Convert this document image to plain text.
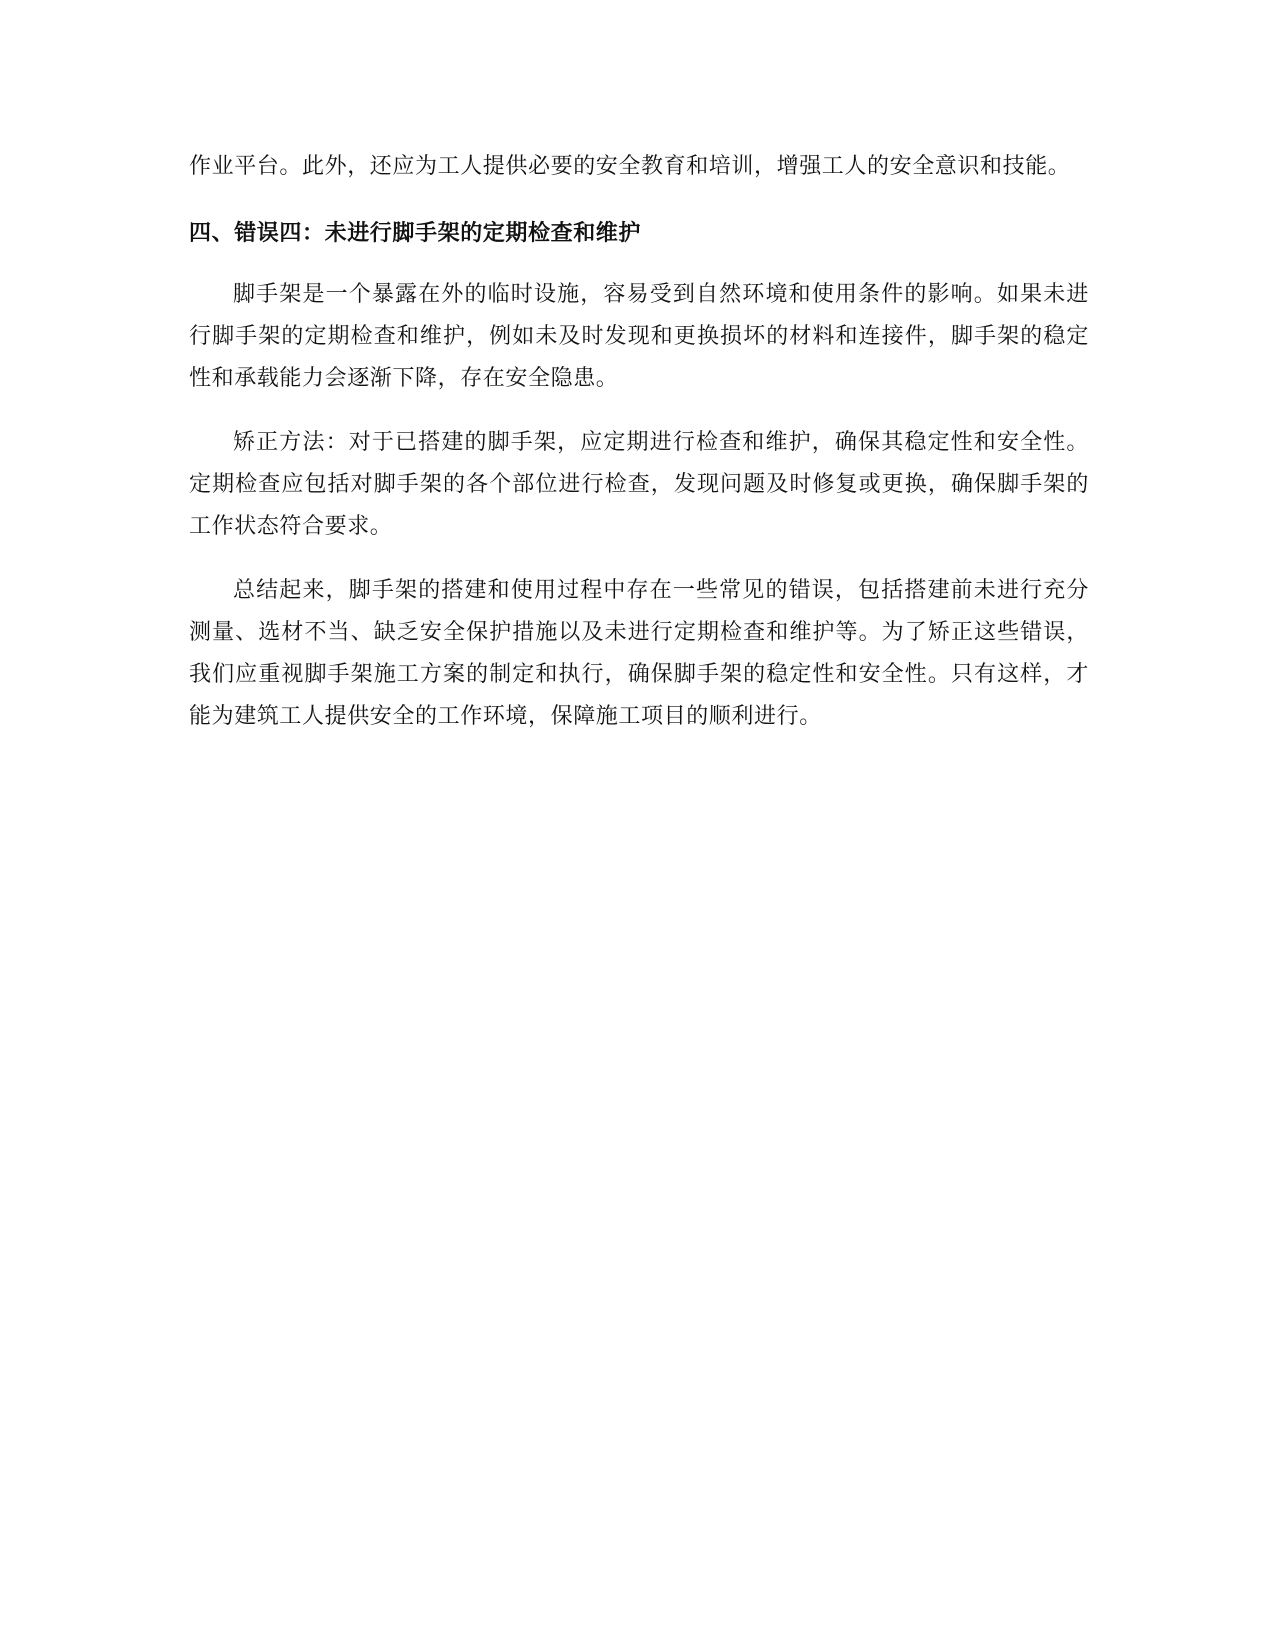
作业平台。此外，还应为工人提供必要的安全教育和培训，增强工人的安全意识和技能。

四、错误四：未进行脚手架的定期检查和维护

脚手架是一个暴露在外的临时设施，容易受到自然环境和使用条件的影响。如果未进行脚手架的定期检查和维护，例如未及时发现和更换损坏的材料和连接件，脚手架的稳定性和承载能力会逐渐下降，存在安全隐患。

矫正方法：对于已搭建的脚手架，应定期进行检查和维护，确保其稳定性和安全性。定期检查应包括对脚手架的各个部位进行检查，发现问题及时修复或更换，确保脚手架的工作状态符合要求。

总结起来，脚手架的搭建和使用过程中存在一些常见的错误，包括搭建前未进行充分测量、选材不当、缺乏安全保护措施以及未进行定期检查和维护等。为了矫正这些错误，我们应重视脚手架施工方案的制定和执行，确保脚手架的稳定性和安全性。只有这样，才能为建筑工人提供安全的工作环境，保障施工项目的顺利进行。
